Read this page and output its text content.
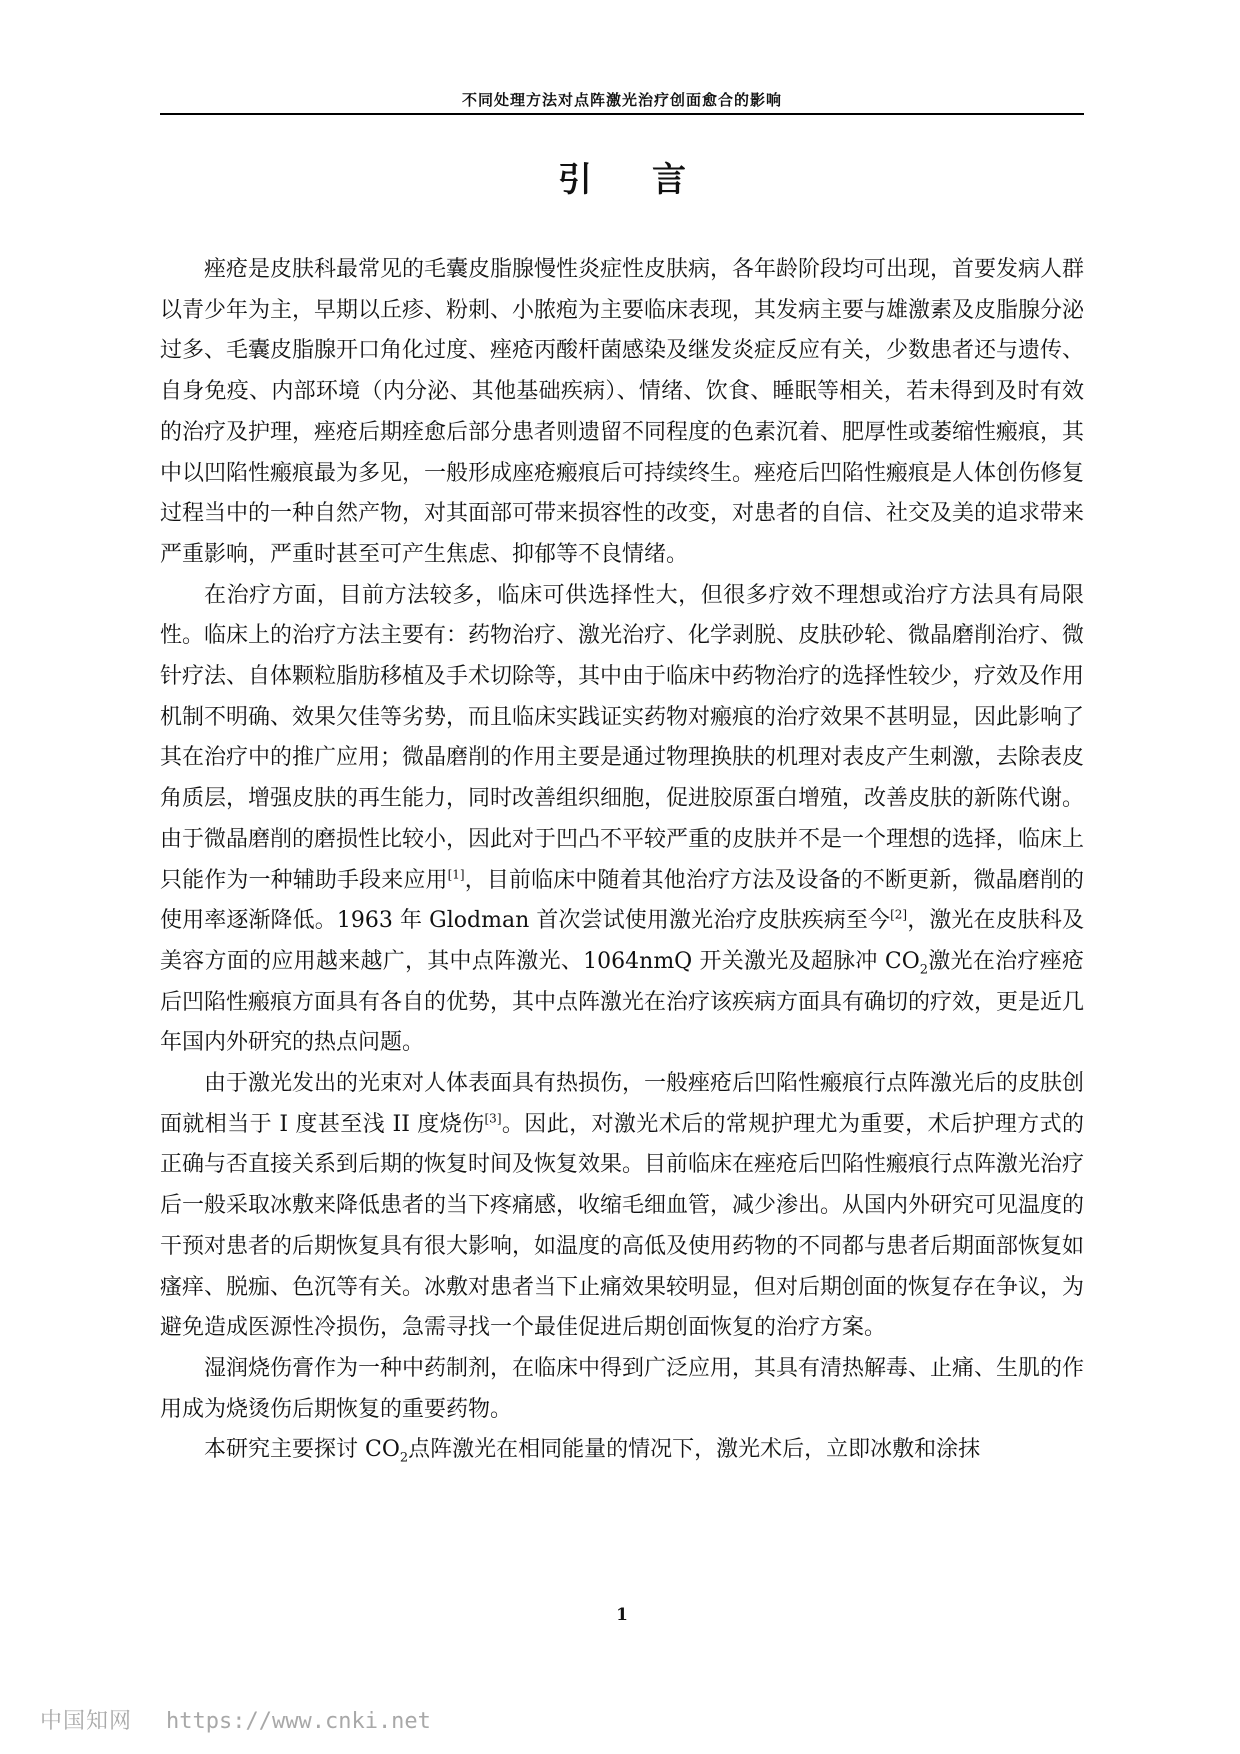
不同处理方法对点阵激光治疗创面愈合的影响
引言

痤疮是皮肤科最常见的毛囊皮脂腺慢性炎症性皮肤病，各年龄阶段均可出现，首要发病人群以青少年为主，早期以丘疹、粉刺、小脓疱为主要临床表现，其发病主要与雄激素及皮脂腺分泌过多、毛囊皮脂腺开口角化过度、痤疮丙酸杆菌感染及继发炎症反应有关，少数患者还与遗传、自身免疫、内部环境（内分泌、其他基础疾病）、情绪、饮食、睡眠等相关，若未得到及时有效的治疗及护理，痤疮后期痊愈后部分患者则遗留不同程度的色素沉着、肥厚性或萎缩性瘢痕，其中以凹陷性瘢痕最为多见，一般形成座疮瘢痕后可持续终生。痤疮后凹陷性瘢痕是人体创伤修复过程当中的一种自然产物，对其面部可带来损容性的改变，对患者的自信、社交及美的追求带来严重影响，严重时甚至可产生焦虑、抑郁等不良情绪。

在治疗方面，目前方法较多，临床可供选择性大，但很多疗效不理想或治疗方法具有局限性。临床上的治疗方法主要有：药物治疗、激光治疗、化学剥脱、皮肤砂轮、微晶磨削治疗、微针疗法、自体颗粒脂肪移植及手术切除等，其中由于临床中药物治疗的选择性较少，疗效及作用机制不明确、效果欠佳等劣势，而且临床实践证实药物对瘢痕的治疗效果不甚明显，因此影响了其在治疗中的推广应用；微晶磨削的作用主要是通过物理换肤的机理对表皮产生刺激，去除表皮角质层，增强皮肤的再生能力，同时改善组织细胞，促进胶原蛋白增殖，改善皮肤的新陈代谢。由于微晶磨削的磨损性比较小，因此对于凹凸不平较严重的皮肤并不是一个理想的选择，临床上只能作为一种辅助手段来应用[1]，目前临床中随着其他治疗方法及设备的不断更新，微晶磨削的使用率逐渐降低。1963 年 Glodman 首次尝试使用激光治疗皮肤疾病至今[2]，激光在皮肤科及美容方面的应用越来越广，其中点阵激光、1064nmQ 开关激光及超脉冲 $CO_2$激光在治疗痤疮后凹陷性瘢痕方面具有各自的优势，其中点阵激光在治疗该疾病方面具有确切的疗效，更是近几年国内外研究的热点问题。

由于激光发出的光束对人体表面具有热损伤，一般痤疮后凹陷性瘢痕行点阵激光后的皮肤创面就相当于 I 度甚至浅 II 度烧伤[3]。因此，对激光术后的常规护理尤为重要，术后护理方式的正确与否直接关系到后期的恢复时间及恢复效果。目前临床在痤疮后凹陷性瘢痕行点阵激光治疗后一般采取冰敷来降低患者的当下疼痛感，收缩毛细血管，减少渗出。从国内外研究可见温度的干预对患者的后期恢复具有很大影响，如温度的高低及使用药物的不同都与患者后期面部恢复如瘙痒、脱痂、色沉等有关。冰敷对患者当下止痛效果较明显，但对后期创面的恢复存在争议，为避免造成医源性冷损伤，急需寻找一个最佳促进后期创面恢复的治疗方案。

湿润烧伤膏作为一种中药制剂，在临床中得到广泛应用，其具有清热解毒、止痛、生肌的作用成为烧烫伤后期恢复的重要药物。

本研究主要探讨 $CO_2$点阵激光在相同能量的情况下，激光术后，立即冰敷和涂抹

1
中国知网 https://www.cnki.net
